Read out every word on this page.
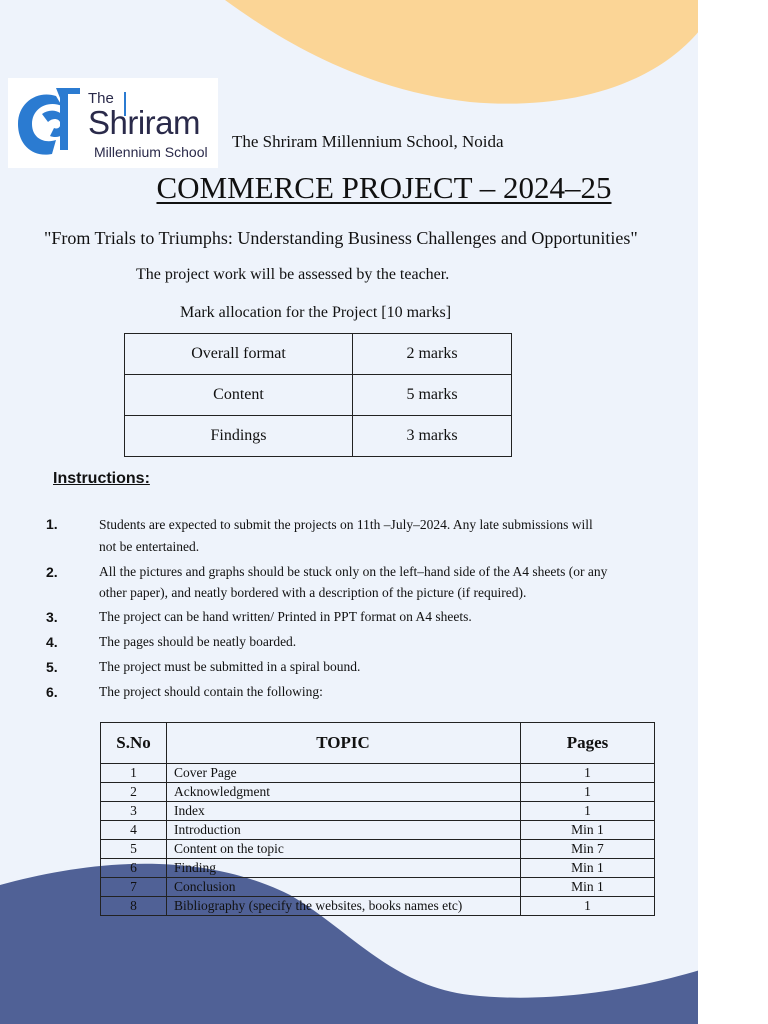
The
Shriram
Millennium School
The Shriram Millennium School, Noida
COMMERCE PROJECT – 2024–25
"From Trials to Triumphs: Understanding Business Challenges and Opportunities"
The project work will be assessed by the teacher.
Mark allocation for the Project [10 marks]
Overall format	2 marks
Content	5 marks
Findings	3 marks
Instructions:
1.	Students are expected to submit the projects on 11th –July–2024. Any late submissions will
not be entertained.
2.	All the pictures and graphs should be stuck only on the left–hand side of the A4 sheets (or any
other paper), and neatly bordered with a description of the picture (if required).
3.	The project can be hand written/ Printed in PPT format on A4 sheets.
4.	The pages should be neatly boarded.
5.	The project must be submitted in a spiral bound.
6.	The project should contain the following:
S.No	TOPIC	Pages
1	Cover Page	1
2	Acknowledgment	1
3	Index	1
4	Introduction	Min 1
5	Content on the topic	Min 7
6	Finding	Min 1
7	Conclusion	Min 1
8	Bibliography (specify the websites, books names etc)	1
